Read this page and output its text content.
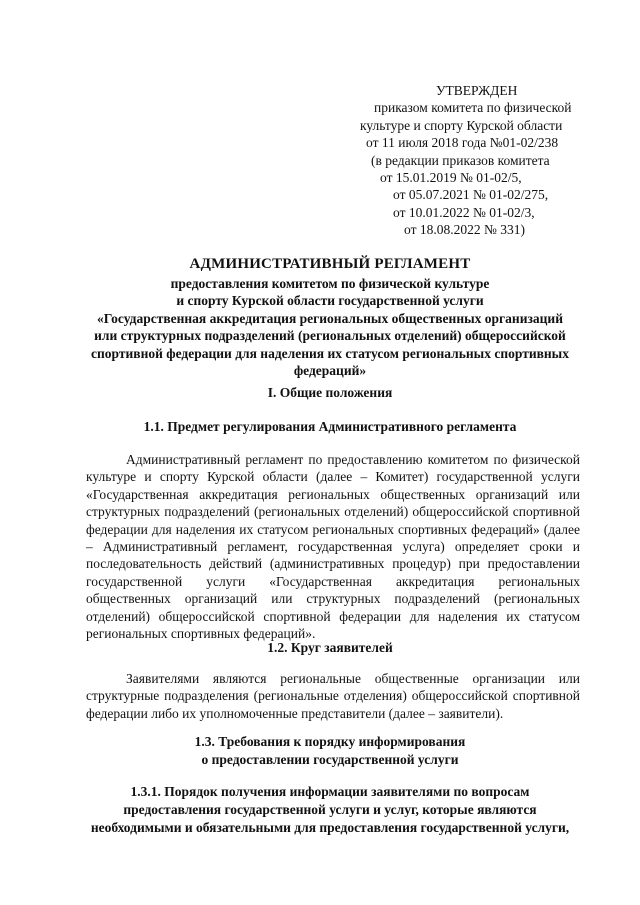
УТВЕРЖДЕН
приказом комитета по физической
культуре и спорту Курской области
от 11 июля 2018 года №01-02/238
(в редакции приказов комитета
от 15.01.2019 № 01-02/5,
от 05.07.2021 № 01-02/275,
от 10.01.2022 № 01-02/3,
от 18.08.2022 № 331)
АДМИНИСТРАТИВНЫЙ РЕГЛАМЕНТ
предоставления комитетом по физической культуре
и спорту Курской области государственной услуги
«Государственная аккредитация региональных общественных организаций
или структурных подразделений (региональных отделений) общероссийской
спортивной федерации для наделения их статусом региональных спортивных
федераций»
I. Общие положения
1.1. Предмет регулирования Административного регламента
Административный регламент по предоставлению комитетом по физической
культуре и спорту Курской области (далее – Комитет) государственной услуги
«Государственная аккредитация региональных общественных организаций или
структурных подразделений (региональных отделений) общероссийской спортивной
федерации для наделения их статусом региональных спортивных федераций» (далее
– Административный регламент, государственная услуга) определяет сроки и
последовательность действий (административных процедур) при предоставлении
государственной услуги «Государственная аккредитация региональных
общественных организаций или структурных подразделений (региональных
отделений) общероссийской спортивной федерации для наделения их статусом
региональных спортивных федераций».
1.2. Круг заявителей
Заявителями являются региональные общественные организации или
структурные подразделения (региональные отделения) общероссийской спортивной
федерации либо их уполномоченные представители (далее – заявители).
1.3. Требования к порядку информирования
о предоставлении государственной услуги
1.3.1. Порядок получения информации заявителями по вопросам
предоставления государственной услуги и услуг, которые являются
необходимыми и обязательными для предоставления государственной услуги,
